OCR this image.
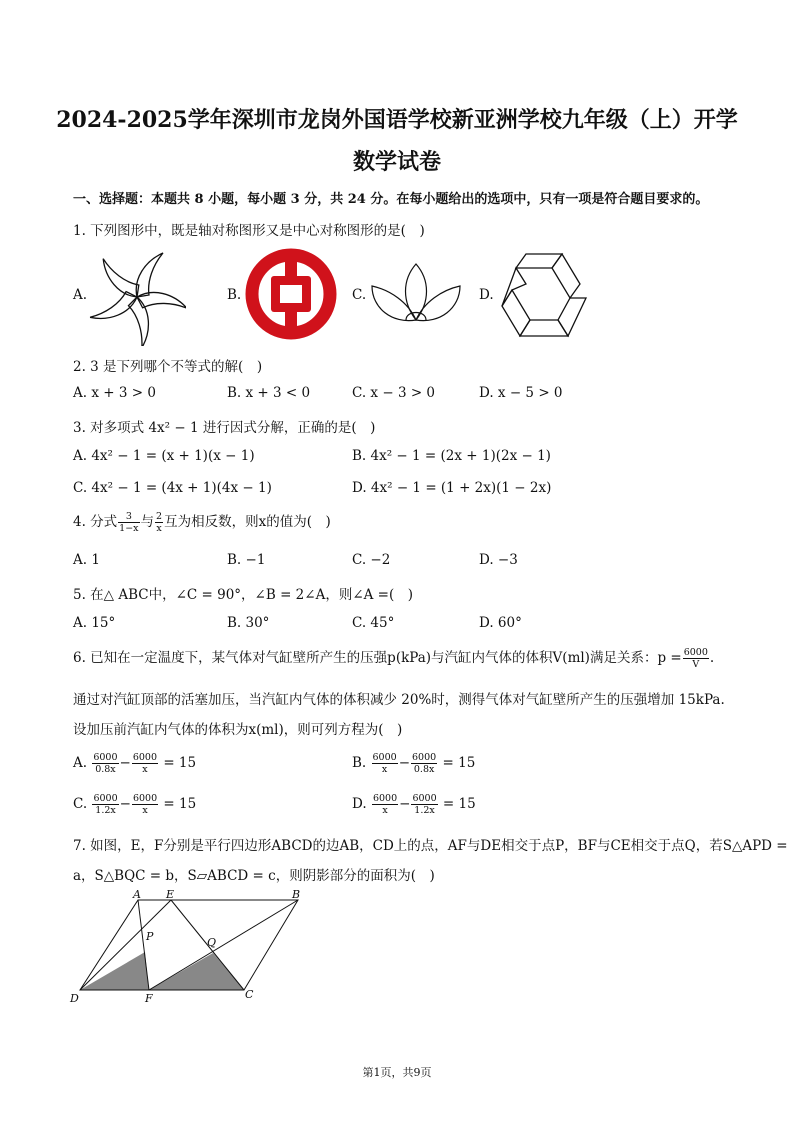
2024-2025学年深圳市龙岗外国语学校新亚洲学校九年级（上）开学
数学试卷
一、选择题：本题共 8 小题，每小题 3 分，共 24 分。在每小题给出的选项中，只有一项是符合题目要求的。
1. 下列图形中，既是轴对称图形又是中心对称图形的是(　)
A.	B.	C.	D.
2. 3 是下列哪个不等式的解(　)
A. x + 3 > 0	B. x + 3 < 0	C. x − 3 > 0	D. x − 5 > 0
3. 对多项式 4x² − 1 进行因式分解，正确的是(　)
A. 4x² − 1 = (x + 1)(x − 1)	B. 4x² − 1 = (2x + 1)(2x − 1)
C. 4x² − 1 = (4x + 1)(4x − 1)	D. 4x² − 1 = (1 + 2x)(1 − 2x)
4. 分式 $\frac{3}{1-x}$ 与 $\frac{2}{x}$ 互为相反数，则x的值为(　)
A. 1	B. −1	C. −2	D. −3
5. 在△ ABC中，∠C = 90°，∠B = 2∠A，则∠A =(　)
A. 15°	B. 30°	C. 45°	D. 60°
6. 已知在一定温度下，某气体对气缸壁所产生的压强p(kPa)与汽缸内气体的体积V(ml)满足关系：$p = \frac{6000}{V}$ .
通过对汽缸顶部的活塞加压，当汽缸内气体的体积减少 20%时，测得气体对气缸壁所产生的压强增加 15kPa.
设加压前汽缸内气体的体积为x(ml)，则可列方程为(　)
A. $\frac{6000}{0.8x} - \frac{6000}{x} = 15$	B. $\frac{6000}{x} - \frac{6000}{0.8x} = 15$
C. $\frac{6000}{1.2x} - \frac{6000}{x} = 15$	D. $\frac{6000}{x} - \frac{6000}{1.2x} = 15$
7. 如图，E，F分别是平行四边形ABCD的边AB，CD上的点，AF与DE相交于点P，BF与CE相交于点Q，若S△APD =
a，S△BQC = b，S▱ABCD = c，则阴影部分的面积为(　)
A E	B
P	Q
D	F	C
第1页，共9页
